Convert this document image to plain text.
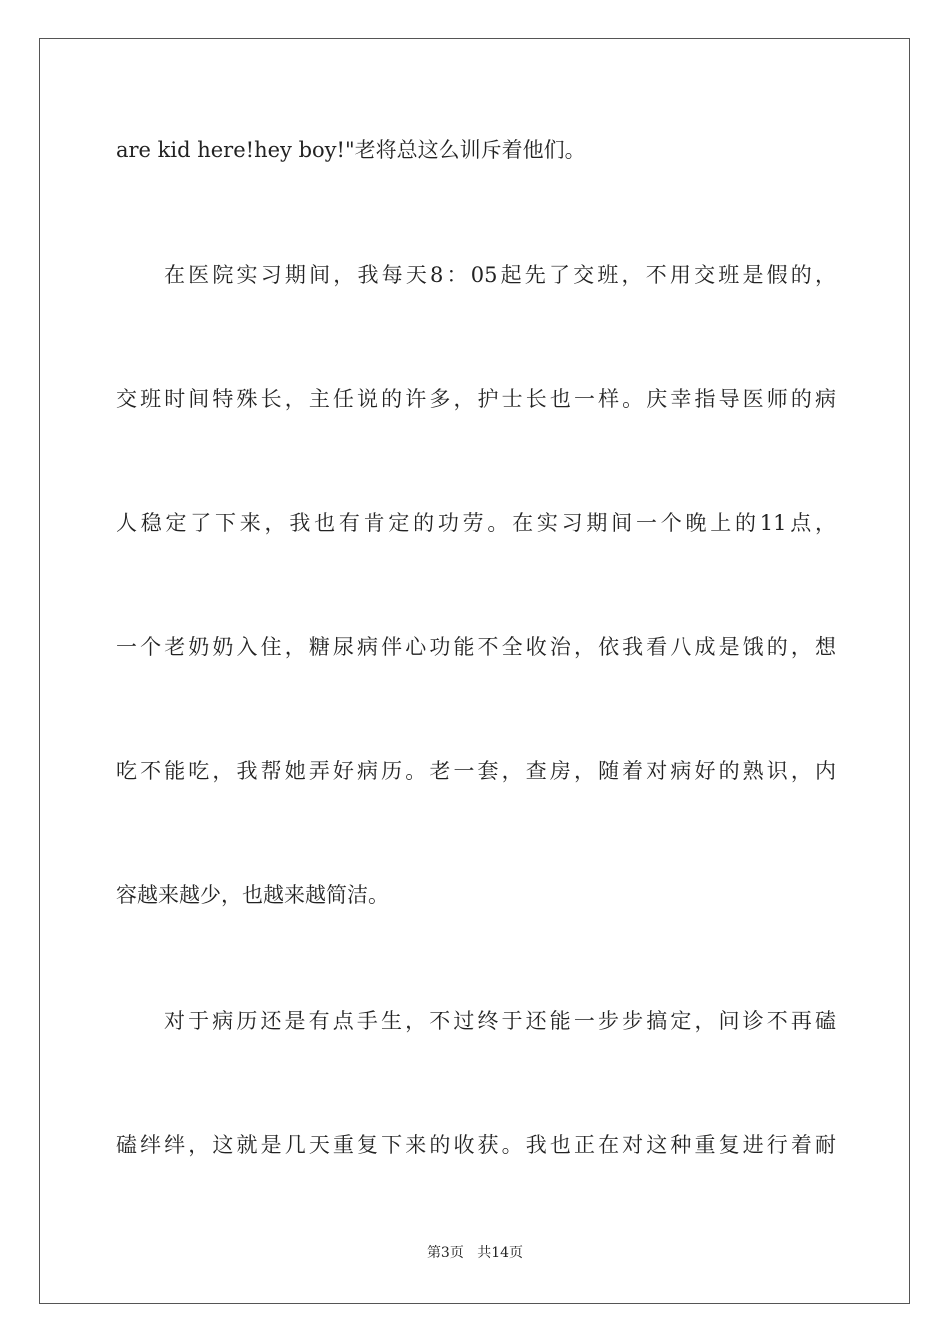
are kid here!hey boy!"老将总这么训斥着他们。
在医院实习期间，我每天8：05起先了交班，不用交班是假的，
交班时间特殊长，主任说的许多，护士长也一样。庆幸指导医师的病
人稳定了下来，我也有肯定的功劳。在实习期间一个晚上的11点，
一个老奶奶入住，糖尿病伴心功能不全收治，依我看八成是饿的，想
吃不能吃，我帮她弄好病历。老一套，查房，随着对病好的熟识，内
容越来越少，也越来越简洁。
对于病历还是有点手生，不过终于还能一步步搞定，问诊不再磕
磕绊绊，这就是几天重复下来的收获。我也正在对这种重复进行着耐
第3页 共14页
